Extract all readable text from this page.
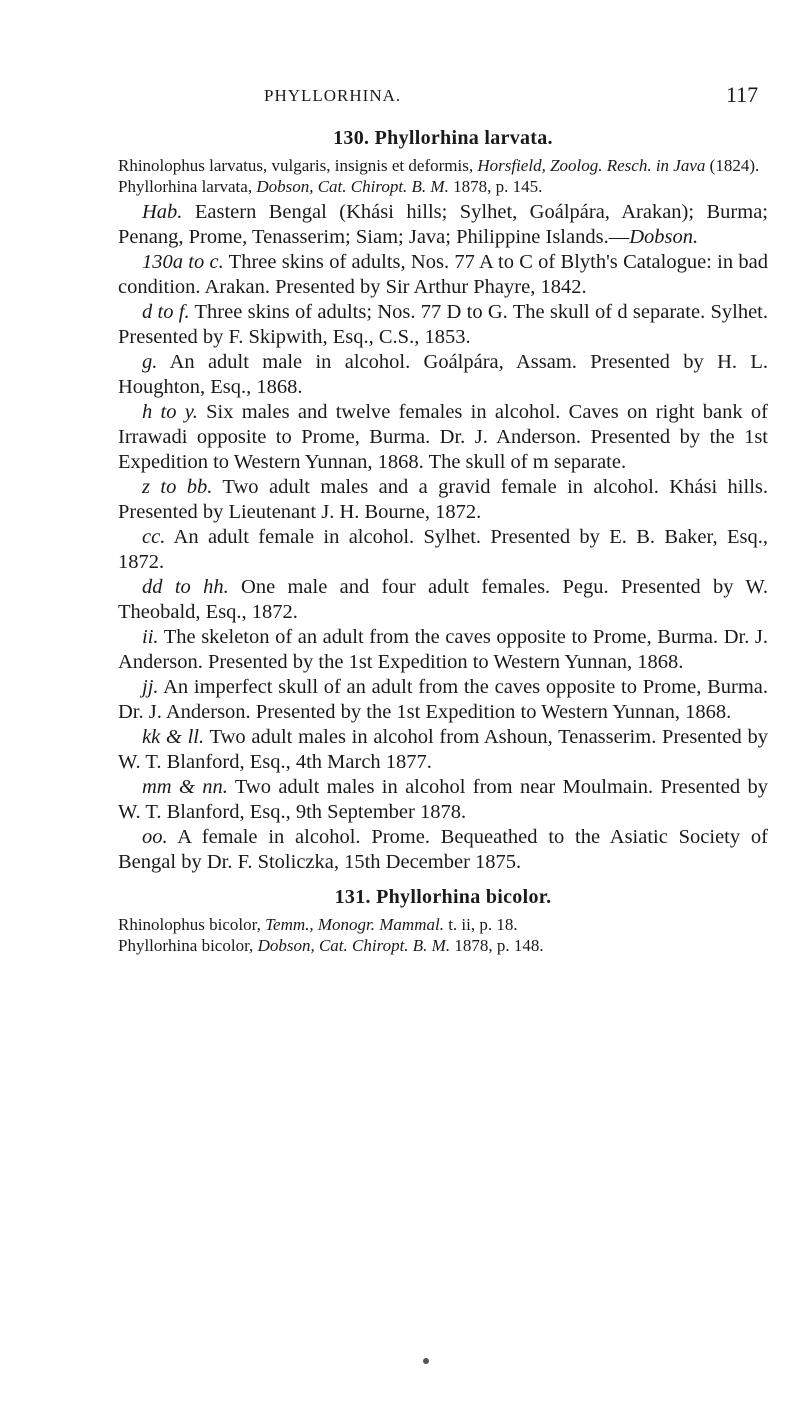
PHYLLORHINA.	117

130. Phyllorhina larvata.

Rhinolophus larvatus, vulgaris, insignis et deformis, Horsfield, Zoolog. Resch. in Java (1824).

Phyllorhina larvata, Dobson, Cat. Chiropt. B. M. 1878, p. 145.

Hab. Eastern Bengal (Khási hills; Sylhet, Goálpára, Arakan); Burma; Penang, Prome, Tenasserim; Siam; Java; Philippine Islands.—Dobson.

130a to c. Three skins of adults, Nos. 77 A to C of Blyth's Catalogue: in bad condition. Arakan. Presented by Sir Arthur Phayre, 1842.

d to f. Three skins of adults; Nos. 77 D to G. The skull of d separate. Sylhet. Presented by F. Skipwith, Esq., C.S., 1853.

g. An adult male in alcohol. Goálpára, Assam. Presented by H. L. Houghton, Esq., 1868.

h to y. Six males and twelve females in alcohol. Caves on right bank of Irrawadi opposite to Prome, Burma. Dr. J. Anderson. Presented by the 1st Expedition to Western Yunnan, 1868. The skull of m separate.

z to bb. Two adult males and a gravid female in alcohol. Khási hills. Presented by Lieutenant J. H. Bourne, 1872.

cc. An adult female in alcohol. Sylhet. Presented by E. B. Baker, Esq., 1872.

dd to hh. One male and four adult females. Pegu. Presented by W. Theobald, Esq., 1872.

ii. The skeleton of an adult from the caves opposite to Prome, Burma. Dr. J. Anderson. Presented by the 1st Expedition to Western Yunnan, 1868.

jj. An imperfect skull of an adult from the caves opposite to Prome, Burma. Dr. J. Anderson. Presented by the 1st Expedition to Western Yunnan, 1868.

kk & ll. Two adult males in alcohol from Ashoun, Tenasserim. Presented by W. T. Blanford, Esq., 4th March 1877.

mm & nn. Two adult males in alcohol from near Moulmain. Presented by W. T. Blanford, Esq., 9th September 1878.

oo. A female in alcohol. Prome. Bequeathed to the Asiatic Society of Bengal by Dr. F. Stoliczka, 15th December 1875.

131. Phyllorhina bicolor.

Rhinolophus bicolor, Temm., Monogr. Mammal. t. ii, p. 18.

Phyllorhina bicolor, Dobson, Cat. Chiropt. B. M. 1878, p. 148.
